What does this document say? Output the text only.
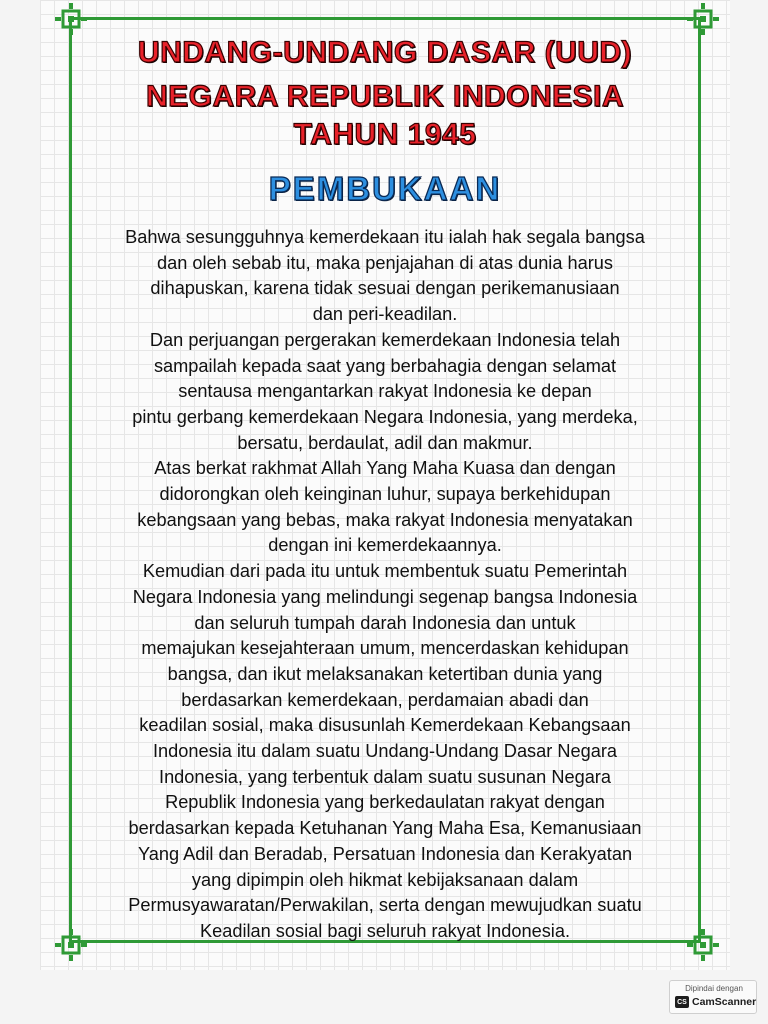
UNDANG-UNDANG DASAR (UUD)
NEGARA REPUBLIK INDONESIA
TAHUN 1945
PEMBUKAAN
Bahwa sesungguhnya kemerdekaan itu ialah hak segala bangsa
dan oleh sebab itu, maka penjajahan di atas dunia harus
dihapuskan, karena tidak sesuai dengan perikemanusiaan
dan peri-keadilan.
Dan perjuangan pergerakan kemerdekaan Indonesia telah
sampailah kepada saat yang berbahagia dengan selamat
sentausa mengantarkan rakyat Indonesia ke depan
pintu gerbang kemerdekaan Negara Indonesia, yang merdeka,
bersatu, berdaulat, adil dan makmur.
Atas berkat rakhmat Allah Yang Maha Kuasa dan dengan
didorongkan oleh keinginan luhur, supaya berkehidupan
kebangsaan yang bebas, maka rakyat Indonesia menyatakan
dengan ini kemerdekaannya.
Kemudian dari pada itu untuk membentuk suatu Pemerintah
Negara Indonesia yang melindungi segenap bangsa Indonesia
dan seluruh tumpah darah Indonesia dan untuk
memajukan kesejahteraan umum, mencerdaskan kehidupan
bangsa, dan ikut melaksanakan ketertiban dunia yang
berdasarkan kemerdekaan, perdamaian abadi dan
keadilan sosial, maka disusunlah Kemerdekaan Kebangsaan
Indonesia itu dalam suatu Undang-Undang Dasar Negara
Indonesia, yang terbentuk dalam suatu susunan Negara
Republik Indonesia yang berkedaulatan rakyat dengan
berdasarkan kepada Ketuhanan Yang Maha Esa, Kemanusiaan
Yang Adil dan Beradab, Persatuan Indonesia dan Kerakyatan
yang dipimpin oleh hikmat kebijaksanaan dalam
Permusyawaratan/Perwakilan, serta dengan mewujudkan suatu
Keadilan sosial bagi seluruh rakyat Indonesia.
Dipindai dengan
CS CamScanner
